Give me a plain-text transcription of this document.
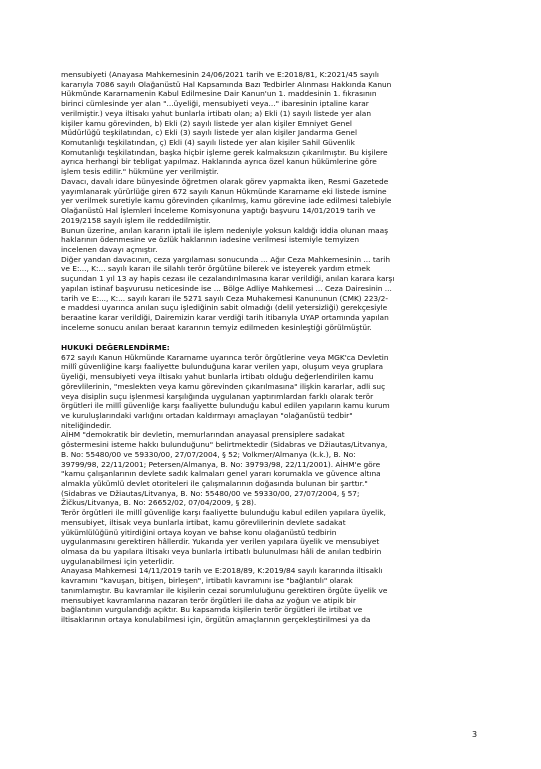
mensubiyeti (Anayasa Mahkemesinin 24/06/2021 tarih ve E:2018/81, K:2021/45 sayılı

kararıyla 7086 sayılı Olağanüstü Hal Kapsamında Bazı Tedbirler Alınması Hakkında Kanun

Hükmünde Kararnamenin Kabul Edilmesine Dair Kanun'un 1. maddesinin 1. fıkrasının

birinci cümlesinde yer alan "...üyeliği, mensubiyeti veya..." ibaresinin iptaline karar

verilmiştir.) veya iltisakı yahut bunlarla irtibatı olan; a) Ekli (1) sayılı listede yer alan

kişiler kamu görevinden, b) Ekli (2) sayılı listede yer alan kişiler Emniyet Genel

Müdürlüğü teşkilatından, c) Ekli (3) sayılı listede yer alan kişiler Jandarma Genel

Komutanlığı teşkilatından, ç) Ekli (4) sayılı listede yer alan kişiler Sahil Güvenlik

Komutanlığı teşkilatından, başka hiçbir işleme gerek kalmaksızın çıkarılmıştır. Bu kişilere

ayrıca herhangi bir tebligat yapılmaz. Haklarında ayrıca özel kanun hükümlerine göre

işlem tesis edilir." hükmüne yer verilmiştir.

Davacı, davalı idare bünyesinde öğretmen olarak görev yapmakta iken, Resmi Gazetede

yayımlanarak yürürlüğe giren 672 sayılı Kanun Hükmünde Kararname eki listede ismine

yer verilmek suretiyle kamu görevinden çıkarılmış, kamu görevine iade edilmesi talebiyle

Olağanüstü Hal İşlemleri İnceleme Komisyonuna yaptığı başvuru 14/01/2019 tarih ve

2019/2158 sayılı işlem ile reddedilmiştir.

Bunun üzerine, anılan kararın iptali ile işlem nedeniyle yoksun kaldığı iddia olunan maaş

haklarının ödenmesine ve özlük haklarının iadesine verilmesi istemiyle temyizen

incelenen davayı açmıştır.

Diğer yandan davacının, ceza yargılaması sonucunda ... Ağır Ceza Mahkemesinin ... tarih

ve E:..., K:... sayılı kararı ile silahlı terör örgütüne bilerek ve isteyerek yardım etmek

suçundan 1 yıl 13 ay hapis cezası ile cezalandırılmasına karar verildiği, anılan karara karşı

yapılan istinaf başvurusu neticesinde ise ... Bölge Adliye Mahkemesi ... Ceza Dairesinin ...

tarih ve E:..., K:... sayılı kararı ile 5271 sayılı Ceza Muhakemesi Kanununun (CMK) 223/2-

e maddesi uyarınca anılan suçu işlediğinin sabit olmadığı (delil yetersizliği) gerekçesiyle

beraatine karar verildiği, Dairemizin karar verdiği tarih itibarıyla UYAP ortamında yapılan

inceleme sonucu anılan beraat kararının temyiz edilmeden kesinleştiği görülmüştür.

HUKUKİ DEĞERLENDİRME:

672 sayılı Kanun Hükmünde Kararname uyarınca terör örgütlerine veya MGK'ca Devletin

millî güvenliğine karşı faaliyette bulunduğuna karar verilen yapı, oluşum veya gruplara

üyeliği, mensubiyeti veya iltisakı yahut bunlarla irtibatı olduğu değerlendirilen kamu

görevlilerinin, "meslekten veya kamu görevinden çıkarılmasına" ilişkin kararlar, adli suç

veya disiplin suçu işlenmesi karşılığında uygulanan yaptırımlardan farklı olarak terör

örgütleri ile millî güvenliğe karşı faaliyette bulunduğu kabul edilen yapıların kamu kurum

ve kuruluşlarındaki varlığını ortadan kaldırmayı amaçlayan "olağanüstü tedbir"

niteliğindedir.

AİHM "demokratik bir devletin, memurlarından anayasal prensiplere sadakat

göstermesini isteme hakkı bulunduğunu" belirtmektedir (Sidabras ve Džiautas/Litvanya,

B. No: 55480/00 ve 59330/00, 27/07/2004, § 52; Volkmer/Almanya (k.k.), B. No:

39799/98, 22/11/2001; Petersen/Almanya, B. No: 39793/98, 22/11/2001). AİHM'e göre

"kamu çalışanlarının devlete sadık kalmaları genel yararı korumakla ve güvence altına

almakla yükümlü devlet otoriteleri ile çalışmalarının doğasında bulunan bir şarttır."

(Sidabras ve Džiautas/Litvanya, B. No: 55480/00 ve 59330/00, 27/07/2004, § 57;

Žičkus/Litvanya, B. No: 26652/02, 07/04/2009, § 28).

Terör örgütleri ile millî güvenliğe karşı faaliyette bulunduğu kabul edilen yapılara üyelik,

mensubiyet, iltisak veya bunlarla irtibat, kamu görevlilerinin devlete sadakat

yükümlülüğünü yitirdiğini ortaya koyan ve bahse konu olağanüstü tedbirin

uygulanmasını gerektiren hâllerdir. Yukarıda yer verilen yapılara üyelik ve mensubiyet

olmasa da bu yapılara iltisakı veya bunlarla irtibatlı bulunulması hâli de anılan tedbirin

uygulanabilmesi için yeterlidir.

Anayasa Mahkemesi 14/11/2019 tarih ve E:2018/89, K:2019/84 sayılı kararında iltisaklı

kavramını "kavuşan, bitişen, birleşen", irtibatlı kavramını ise "bağlantılı" olarak

tanımlamıştır. Bu kavramlar ile kişilerin cezai sorumluluğunu gerektiren örgüte üyelik ve

mensubiyet kavramlarına nazaran terör örgütleri ile daha az yoğun ve atipik bir

bağlantının vurgulandığı açıktır. Bu kapsamda kişilerin terör örgütleri ile irtibat ve

iltisaklarının ortaya konulabilmesi için, örgütün amaçlarının gerçekleştirilmesi ya da

3
